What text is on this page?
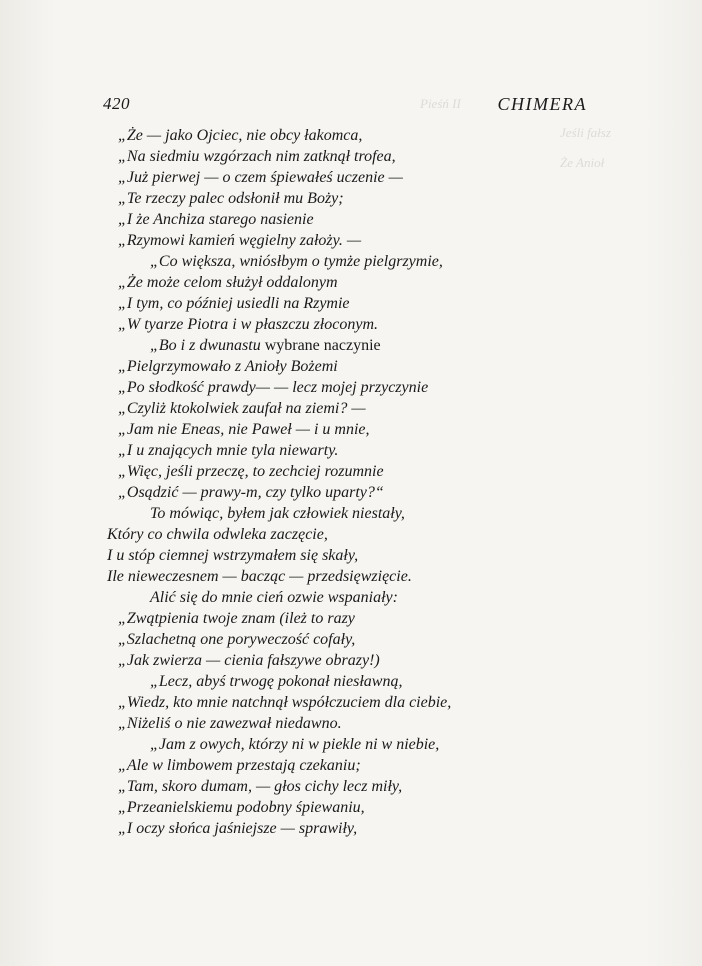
420	CHIMERA
Pieśń II
Jeśli fałsz
Że Anioł
„Że — jako Ojciec, nie obcy łakomca,
„Na siedmiu wzgórzach nim zatknął trofea,
„Już pierwej — o czem śpiewałeś uczenie —
„Te rzeczy palec odsłonił mu Boży;
„I że Anchiza starego nasienie
„Rzymowi kamień węgielny założy. —
„Co większa, wniósłbym o tymże pielgrzymie,
„Że może celom służył oddalonym
„I tym, co później usiedli na Rzymie
„W tyarze Piotra i w płaszczu złoconym.
„Bo i z dwunastu wybrane naczynie
„Pielgrzymowało z Anioły Bożemi
„Po słodkość prawdy— — lecz mojej przyczynie
„Czyliż ktokolwiek zaufał na ziemi? —
„Jam nie Eneas, nie Paweł — i u mnie,
„I u znających mnie tyla niewarty.
„Więc, jeśli przeczę, to zechciej rozumnie
„Osądzić — prawy-m, czy tylko uparty?“
To mówiąc, byłem jak człowiek niestały,
Który co chwila odwleka zaczęcie,
I u stóp ciemnej wstrzymałem się skały,
Ile nieweczesnem — bacząc — przedsięwzięcie.
Alić się do mnie cień ozwie wspaniały:
„Zwątpienia twoje znam (ileż to razy
„Szlachetną one poryweczość cofały,
„Jak zwierza — cienia fałszywe obrazy!)
„Lecz, abyś trwogę pokonał niesławną,
„Wiedz, kto mnie natchnął współczuciem dla ciebie,
„Niżeliś o nie zawezwał niedawno.
„Jam z owych, którzy ni w piekle ni w niebie,
„Ale w limbowem przestają czekaniu;
„Tam, skoro dumam, — głos cichy lecz miły,
„Przeanielskiemu podobny śpiewaniu,
„I oczy słońca jaśniejsze — sprawiły,
